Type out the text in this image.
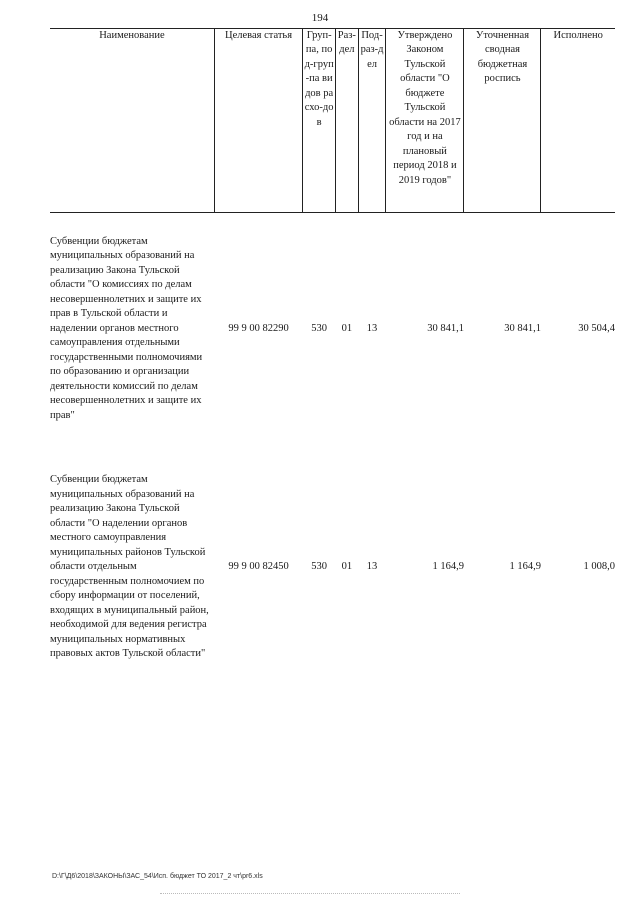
194
Наименование	Целевая статья	Груп-па, под-груп-па видов расхо-дов	Раз-дел	Под-раз-дел	Утверждено Законом Тульской области "О бюджете Тульской области на 2017 год и на плановый период 2018 и 2019 годов"	Уточненная сводная бюджетная роспись	Исполнено

Субвенции бюджетам муниципальных образований на реализацию Закона Тульской области "О комиссиях по делам несовершеннолетних и защите их прав в Тульской области и наделении органов местного самоуправления отдельными государственными полномочиями по образованию и организации деятельности комиссий по делам несовершеннолетних и защите их прав"	99 9 00 82290	530	01	13	30 841,1	30 841,1	30 504,4

Субвенции бюджетам муниципальных образований на реализацию Закона Тульской области "О наделении органов местного самоуправления муниципальных районов Тульской области отдельным государственным полномочием по сбору информации от поселений, входящих в муниципальный район, необходимой для ведения регистра муниципальных нормативных правовых актов Тульской области"	99 9 00 82450	530	01	13	1 164,9	1 164,9	1 008,0
D:\Г\Д6\2018\ЗАКОНЫ\ЗАС_54\Исп. бюджет ТО 2017_2 чт\pr6.xls
